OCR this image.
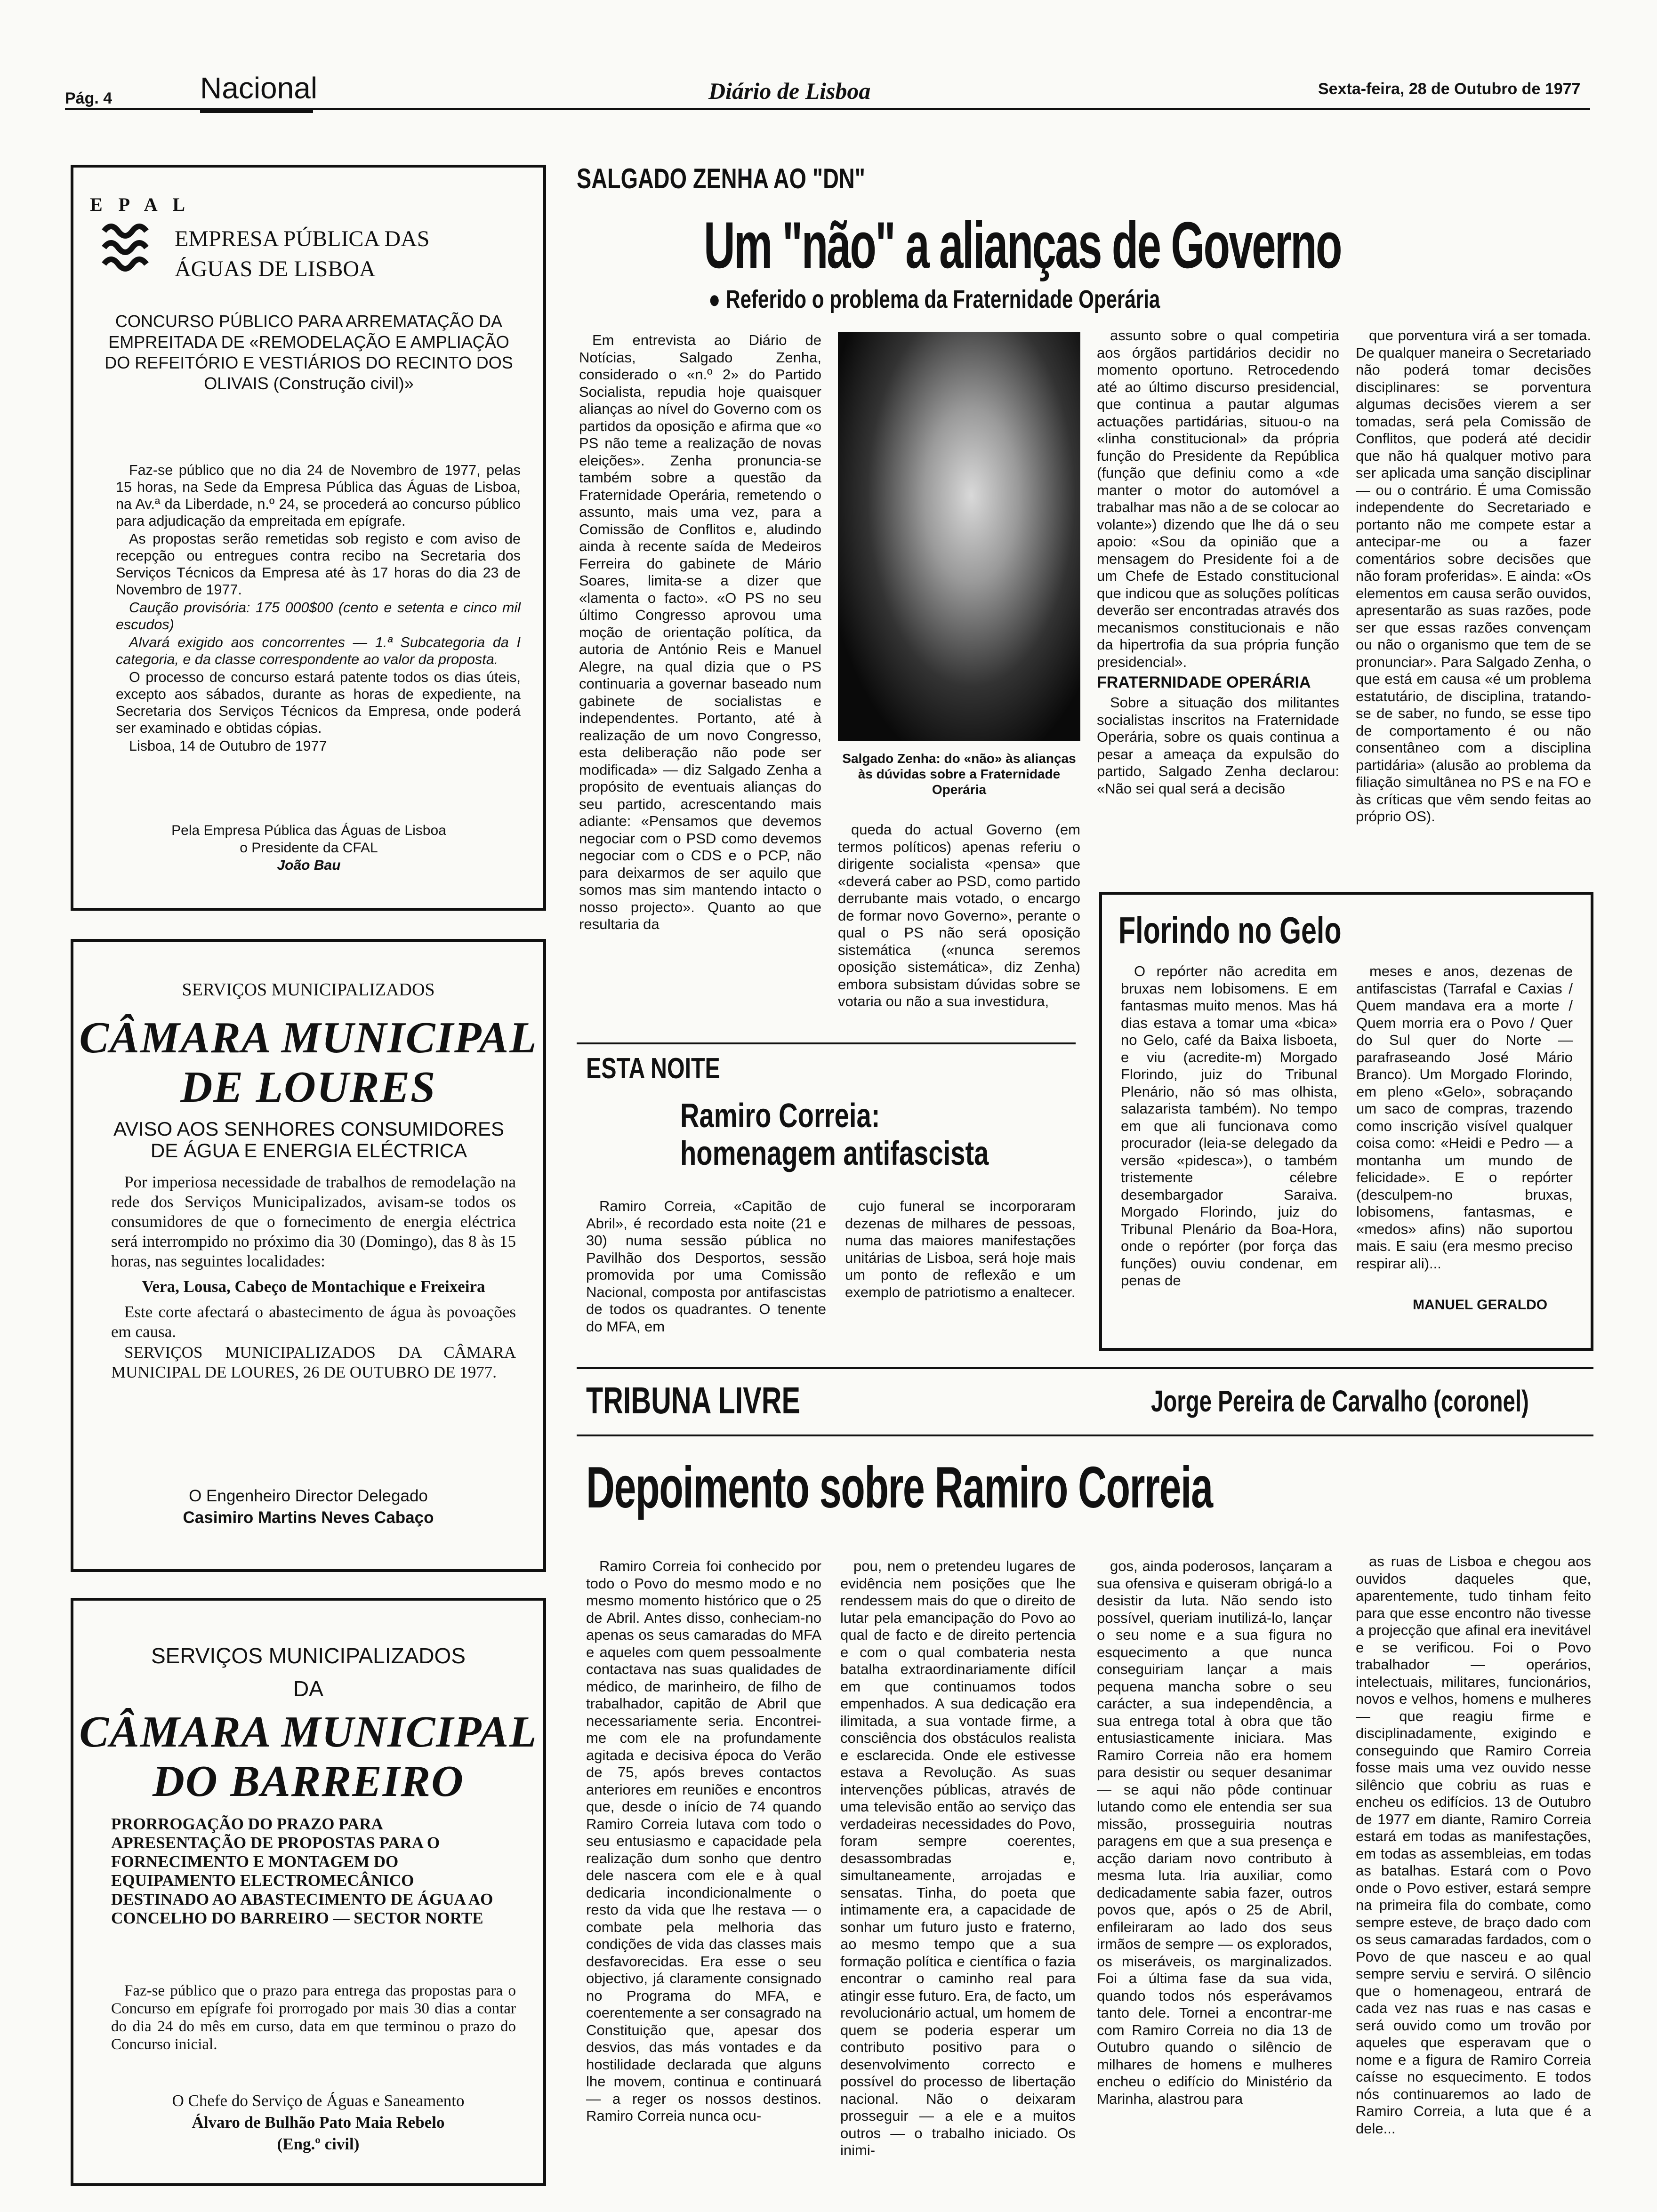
Pág. 4	Nacional	Diário de Lisboa	Sexta-feira, 28 de Outubro de 1977
E P A L
EMPRESA PÚBLICA DAS ÁGUAS DE LISBOA
CONCURSO PÚBLICO PARA ARREMATAÇÃO DA EMPREITADA DE «REMODELAÇÃO E AMPLIAÇÃO DO REFEITÓRIO E VESTIÁRIOS DO RECINTO DOS OLIVAIS (Construção civil)»

Faz-se público que no dia 24 de Novembro de 1977, pelas 15 horas, na Sede da Empresa Pública das Águas de Lisboa, na Av.ª da Liberdade, n.º 24, se procederá ao concurso público para adjudicação da empreitada em epígrafe.

As propostas serão remetidas sob registo e com aviso de recepção ou entregues contra recibo na Secretaria dos Serviços Técnicos da Empresa até às 17 horas do dia 23 de Novembro de 1977.

Caução provisória: 175 000$00 (cento e setenta e cinco mil escudos)

Alvará exigido aos concorrentes — 1.ª Subcategoria da I categoria, e da classe correspondente ao valor da proposta.

O processo de concurso estará patente todos os dias úteis, excepto aos sábados, durante as horas de expediente, na Secretaria dos Serviços Técnicos da Empresa, onde poderá ser examinado e obtidas cópias.

Lisboa, 14 de Outubro de 1977

Pela Empresa Pública das Águas de Lisboa
o Presidente da CFAL
João Bau
SERVIÇOS MUNICIPALIZADOS
CÂMARA MUNICIPAL
DE LOURES
AVISO AOS SENHORES CONSUMIDORES DE ÁGUA E ENERGIA ELÉCTRICA

Por imperiosa necessidade de trabalhos de remodelação na rede dos Serviços Municipalizados, avisam-se todos os consumidores de que o fornecimento de energia eléctrica será interrompido no próximo dia 30 (Domingo), das 8 às 15 horas, nas seguintes localidades:

Vera, Lousa, Cabeço de Montachique e Freixeira

Este corte afectará o abastecimento de água às povoações em causa.

SERVIÇOS MUNICIPALIZADOS DA CÂMARA MUNICIPAL DE LOURES, 26 DE OUTUBRO DE 1977.

O Engenheiro Director Delegado
Casimiro Martins Neves Cabaço
SERVIÇOS MUNICIPALIZADOS
DA
CÂMARA MUNICIPAL
DO BARREIRO
PRORROGAÇÃO DO PRAZO PARA APRESENTAÇÃO DE PROPOSTAS PARA O FORNECIMENTO E MONTAGEM DO EQUIPAMENTO ELECTROMECÂNICO DESTINADO AO ABASTECIMENTO DE ÁGUA AO CONCELHO DO BARREIRO — SECTOR NORTE

Faz-se público que o prazo para entrega das propostas para o Concurso em epígrafe foi prorrogado por mais 30 dias a contar do dia 24 do mês em curso, data em que terminou o prazo do Concurso inicial.

O Chefe do Serviço de Águas e Saneamento
Álvaro de Bulhão Pato Maia Rebelo
(Eng.º civil)
SALGADO ZENHA AO "DN"
Um "não" a alianças de Governo
● Referido o problema da Fraternidade Operária

Em entrevista ao Diário de Notícias, Salgado Zenha, considerado o «n.º 2» do Partido Socialista, repudia hoje quaisquer alianças ao nível do Governo com os partidos da oposição e afirma que «o PS não teme a realização de novas eleições». Zenha pronuncia-se também sobre a questão da Fraternidade Operária, remetendo o assunto, mais uma vez, para a Comissão de Conflitos e, aludindo ainda à recente saída de Medeiros Ferreira do gabinete de Mário Soares, limita-se a dizer que «lamenta o facto». «O PS no seu último Congresso aprovou uma moção de orientação política, da autoria de António Reis e Manuel Alegre, na qual dizia que o PS continuaria a governar baseado num gabinete de socialistas e independentes. Portanto, até à realização de um novo Congresso, esta deliberação não pode ser modificada» — diz Salgado Zenha a propósito de eventuais alianças do seu partido, acrescentando mais adiante: «Pensamos que devemos negociar com o PSD como devemos negociar com o CDS e o PCP, não para deixarmos de ser aquilo que somos mas sim mantendo intacto o nosso projecto». Quanto ao que resultaria da

Salgado Zenha: do «não» às alianças às dúvidas sobre a Fraternidade Operária

queda do actual Governo (em termos políticos) apenas referiu o dirigente socialista «pensa» que «deverá caber ao PSD, como partido derrubante mais votado, o encargo de formar novo Governo», perante o qual o PS não será oposição sistemática («nunca seremos oposição sistemática», diz Zenha) embora subsistam dúvidas sobre se votaria ou não a sua investidura,

assunto sobre o qual competiria aos órgãos partidários decidir no momento oportuno. Retrocedendo até ao último discurso presidencial, que continua a pautar algumas actuações partidárias, situou-o na «linha constitucional» da própria função do Presidente da República (função que definiu como a «de manter o motor do automóvel a trabalhar mas não a de se colocar ao volante») dizendo que lhe dá o seu apoio: «Sou da opinião que a mensagem do Presidente foi a de um Chefe de Estado constitucional que indicou que as soluções políticas deverão ser encontradas através dos mecanismos constitucionais e não da hipertrofia da sua própria função presidencial».

FRATERNIDADE OPERÁRIA

Sobre a situação dos militantes socialistas inscritos na Fraternidade Operária, sobre os quais continua a pesar a ameaça da expulsão do partido, Salgado Zenha declarou: «Não sei qual será a decisão

que porventura virá a ser tomada. De qualquer maneira o Secretariado não poderá tomar decisões disciplinares: se porventura algumas decisões vierem a ser tomadas, será pela Comissão de Conflitos, que poderá até decidir que não há qualquer motivo para ser aplicada uma sanção disciplinar — ou o contrário. É uma Comissão independente do Secretariado e portanto não me compete estar a antecipar-me ou a fazer comentários sobre decisões que não foram proferidas». E ainda: «Os elementos em causa serão ouvidos, apresentarão as suas razões, pode ser que essas razões convençam ou não o organismo que tem de se pronunciar». Para Salgado Zenha, o que está em causa «é um problema estatutário, de disciplina, tratando-se de saber, no fundo, se esse tipo de comportamento é ou não consentâneo com a disciplina partidária» (alusão ao problema da filiação simultânea no PS e na FO e às críticas que vêm sendo feitas ao próprio OS).

ESTA NOITE
Ramiro Correia:
homenagem antifascista

Ramiro Correia, «Capitão de Abril», é recordado esta noite (21 e 30) numa sessão pública no Pavilhão dos Desportos, sessão promovida por uma Comissão Nacional, composta por antifascistas de todos os quadrantes. O tenente do MFA, em

cujo funeral se incorporaram dezenas de milhares de pessoas, numa das maiores manifestações unitárias de Lisboa, será hoje mais um ponto de reflexão e um exemplo de patriotismo a enaltecer.

Florindo no Gelo

O repórter não acredita em bruxas nem lobisomens. E em fantasmas muito menos. Mas há dias estava a tomar uma «bica» no Gelo, café da Baixa lisboeta, e viu (acredite-m) Morgado Florindo, juiz do Tribunal Plenário, não só mas olhista, salazarista também). No tempo em que ali funcionava como procurador (leia-se delegado da versão «pidesca»), o também tristemente célebre desembargador Saraiva. Morgado Florindo, juiz do Tribunal Plenário da Boa-Hora, onde o repórter (por força das funções) ouviu condenar, em penas de

meses e anos, dezenas de antifascistas (Tarrafal e Caxias / Quem mandava era a morte / Quem morria era o Povo / Quer do Sul quer do Norte — parafraseando José Mário Branco). Um Morgado Florindo, em pleno «Gelo», sobraçando um saco de compras, trazendo como inscrição visível qualquer coisa como: «Heidi e Pedro — a montanha um mundo de felicidade». E o repórter (desculpem-no bruxas, lobisomens, fantasmas, e «medos» afins) não suportou mais. E saiu (era mesmo preciso respirar ali)...

MANUEL GERALDO
TRIBUNA LIVRE	Jorge Pereira de Carvalho (coronel)
Depoimento sobre Ramiro Correia

Ramiro Correia foi conhecido por todo o Povo do mesmo modo e no mesmo momento histórico que o 25 de Abril. Antes disso, conheciam-no apenas os seus camaradas do MFA e aqueles com quem pessoalmente contactava nas suas qualidades de médico, de marinheiro, de filho de trabalhador, capitão de Abril que necessariamente seria. Encontrei-me com ele na profundamente agitada e decisiva época do Verão de 75, após breves contactos anteriores em reuniões e encontros que, desde o início de 74 quando Ramiro Correia lutava com todo o seu entusiasmo e capacidade pela realização dum sonho que dentro dele nascera com ele e à qual dedicaria incondicionalmente o resto da vida que lhe restava — o combate pela melhoria das condições de vida das classes mais desfavorecidas. Era esse o seu objectivo, já claramente consignado no Programa do MFA, e coerentemente a ser consagrado na Constituição que, apesar dos desvios, das más vontades e da hostilidade declarada que alguns lhe movem, continua e continuará — a reger os nossos destinos. Ramiro Correia nunca ocu-

pou, nem o pretendeu lugares de evidência nem posições que lhe rendessem mais do que o direito de lutar pela emancipação do Povo ao qual de facto e de direito pertencia e com o qual combateria nesta batalha extraordinariamente difícil em que continuamos todos empenhados. A sua dedicação era ilimitada, a sua vontade firme, a consciência dos obstáculos realista e esclarecida. Onde ele estivesse estava a Revolução. As suas intervenções públicas, através de uma televisão então ao serviço das verdadeiras necessidades do Povo, foram sempre coerentes, desassombradas e, simultaneamente, arrojadas e sensatas. Tinha, do poeta que intimamente era, a capacidade de sonhar um futuro justo e fraterno, ao mesmo tempo que a sua formação política e científica o fazia encontrar o caminho real para atingir esse futuro. Era, de facto, um revolucionário actual, um homem de quem se poderia esperar um contributo positivo para o desenvolvimento correcto e possível do processo de libertação nacional. Não o deixaram prosseguir — a ele e a muitos outros — o trabalho iniciado. Os inimi-

gos, ainda poderosos, lançaram a sua ofensiva e quiseram obrigá-lo a desistir da luta. Não sendo isto possível, queriam inutilizá-lo, lançar o seu nome e a sua figura no esquecimento a que nunca conseguiriam lançar a mais pequena mancha sobre o seu carácter, a sua independência, a sua entrega total à obra que tão entusiasticamente iniciara. Mas Ramiro Correia não era homem para desistir ou sequer desanimar — se aqui não pôde continuar lutando como ele entendia ser sua missão, prosseguiria noutras paragens em que a sua presença e acção dariam novo contributo à mesma luta. Iria auxiliar, como dedicadamente sabia fazer, outros povos que, após o 25 de Abril, enfileiraram ao lado dos seus irmãos de sempre — os explorados, os miseráveis, os marginalizados. Foi a última fase da sua vida, quando todos nós esperávamos tanto dele. Tornei a encontrar-me com Ramiro Correia no dia 13 de Outubro quando o silêncio de milhares de homens e mulheres encheu o edifício do Ministério da Marinha, alastrou para

as ruas de Lisboa e chegou aos ouvidos daqueles que, aparentemente, tudo tinham feito para que esse encontro não tivesse a projecção que afinal era inevitável e se verificou. Foi o Povo trabalhador — operários, intelectuais, militares, funcionários, novos e velhos, homens e mulheres — que reagiu firme e disciplinadamente, exigindo e conseguindo que Ramiro Correia fosse mais uma vez ouvido nesse silêncio que cobriu as ruas e encheu os edifícios. 13 de Outubro de 1977 em diante, Ramiro Correia estará em todas as manifestações, em todas as assembleias, em todas as batalhas. Estará com o Povo onde o Povo estiver, estará sempre na primeira fila do combate, como sempre esteve, de braço dado com os seus camaradas fardados, com o Povo de que nasceu e ao qual sempre serviu e servirá. O silêncio que o homenageou, entrará de cada vez nas ruas e nas casas e será ouvido como um trovão por aqueles que esperavam que o nome e a figura de Ramiro Correia caísse no esquecimento. E todos nós continuaremos ao lado de Ramiro Correia, a luta que é a dele...
